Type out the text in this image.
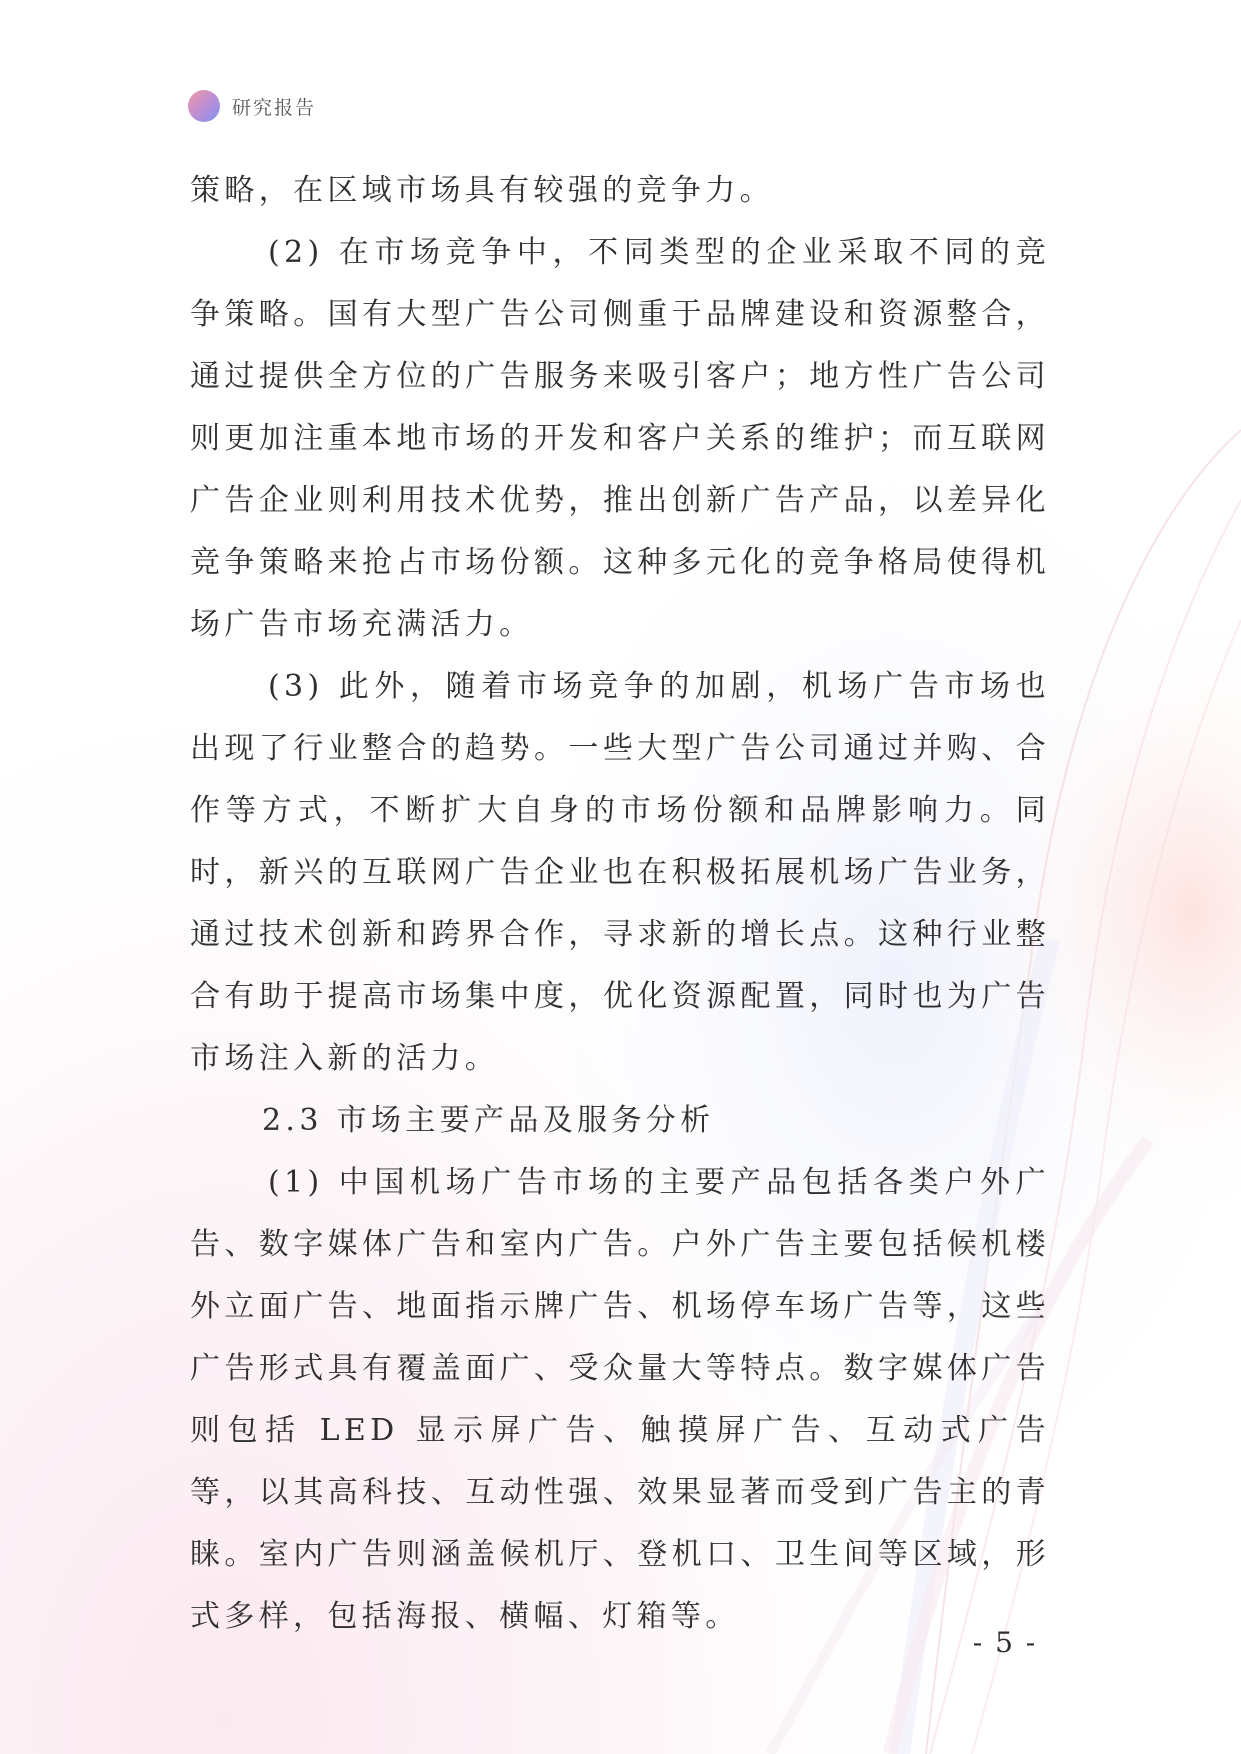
研究报告

策略，在区域市场具有较强的竞争力。

(2) 在市场竞争中，不同类型的企业采取不同的竞争策略。国有大型广告公司侧重于品牌建设和资源整合，通过提供全方位的广告服务来吸引客户；地方性广告公司则更加注重本地市场的开发和客户关系的维护；而互联网广告企业则利用技术优势，推出创新广告产品，以差异化竞争策略来抢占市场份额。这种多元化的竞争格局使得机场广告市场充满活力。

(3) 此外，随着市场竞争的加剧，机场广告市场也出现了行业整合的趋势。一些大型广告公司通过并购、合作等方式，不断扩大自身的市场份额和品牌影响力。同时，新兴的互联网广告企业也在积极拓展机场广告业务，通过技术创新和跨界合作，寻求新的增长点。这种行业整合有助于提高市场集中度，优化资源配置，同时也为广告市场注入新的活力。

2.3 市场主要产品及服务分析

(1) 中国机场广告市场的主要产品包括各类户外广告、数字媒体广告和室内广告。户外广告主要包括候机楼外立面广告、地面指示牌广告、机场停车场广告等，这些广告形式具有覆盖面广、受众量大等特点。数字媒体广告则包括 LED 显示屏广告、触摸屏广告、互动式广告等，以其高科技、互动性强、效果显著而受到广告主的青睐。室内广告则涵盖候机厅、登机口、卫生间等区域，形式多样，包括海报、横幅、灯箱等。

- 5 -
